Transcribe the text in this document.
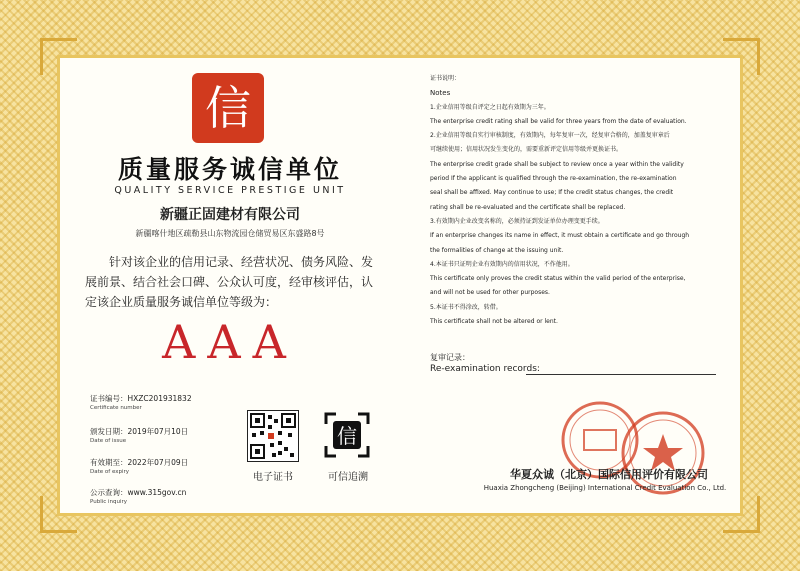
信
质量服务诚信单位
QUALITY SERVICE PRESTIGE UNIT
新疆正固建材有限公司
新疆喀什地区疏勒县山东物流园仓储贸易区东盛路8号
针对该企业的信用记录、经营状况、债务风险、发展前景、结合社会口碑、公众认可度，经审核评估，认定该企业质量服务诚信单位等级为：
AAA
证书编号：HXZC201931832
Certificate number
颁发日期：2019年07月10日
Date of issue
有效期至：2022年07月09日
Date of expiry
公示查询：www.315gov.cn
Public inquiry
电子证书
信
可信追溯
证书说明：
Notes
1.企业信用等级自评定之日起有效期为三年。
The enterprise credit rating shall be valid for three years from the date of evaluation.
2.企业信用等级自实行审核制度，有效期内，每年复审一次，经复审合格的，加盖复审章后
可继续使用；信用状况发生变化的，需要重新评定信用等级并更换证书。
The enterprise credit grade shall be subject to review once a year within the validity
period If the applicant is qualified through the re-examination, the re-examination
seal shall be affixed. May continue to use; If the credit status changes, the credit
rating shall be re-evaluated and the certificate shall be replaced.
3.有效期内企业改变名称的，必须持证到发证单位办理变更手续。
If an enterprise changes its name in effect, it must obtain a certificate and go through
the formalities of change at the issuing unit.
4.本证书只证明企业有效期内的信用状况，不作他用。
This certificate only proves the credit status within the valid period of the enterprise,
and will not be used for other purposes.
5.本证书不得涂改，转借。
This certificate shall not be altered or lent.
复审记录：
Re-examination records:
华夏众诚（北京）国际信用评价有限公司
Huaxia Zhongcheng (Beijing) International Credit Evaluation Co., Ltd.
